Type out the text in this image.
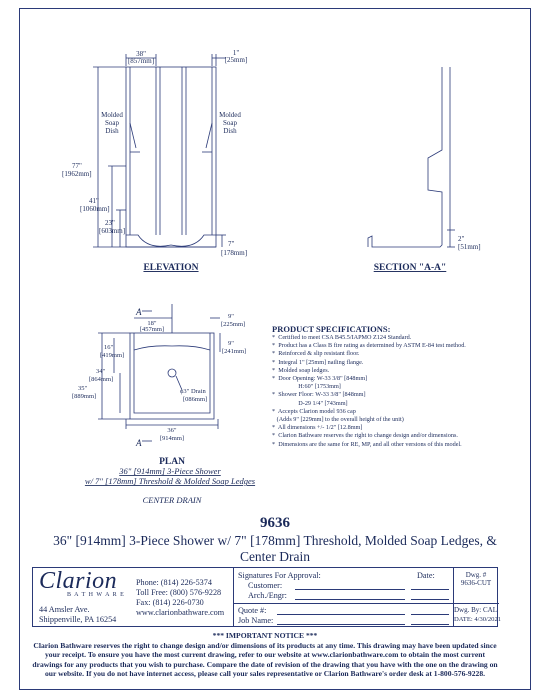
38"
[857mm]
1"
[25mm]
Molded
Soap
Dish
Molded
Soap
Dish
77"
[1962mm]
41"
[1060mm]
23"
[603mm]
7"
[178mm]
2"
[51mm]
ELEVATION	SECTION "A-A"
A
A
18"
[457mm]
9"
[225mm]
16"
[419mm]
9"
[241mm]
34"
[864mm]
35"
[889mm]
ϕ3" Drain
[086mm]
36"
[914mm]
PLAN
36" [914mm] 3-Piece Shower
w/ 7" [178mm] Threshold & Molded Soap Ledges
CENTER DRAIN
PRODUCT SPECIFICATIONS:
*  Certified to meet CSA B45.5/IAPMO Z124 Standard.
*  Product has a Class B fire rating as determined by ASTM E-84 test method.
*  Reinforced & slip resistant floor.
*  Integral 1" [25mm] nailing flange.
*  Molded soap ledges.
*  Door Opening: W-33 3/8" [848mm]
H:60" [1753mm]
*  Shower Floor: W-33 3/8" [848mm]
D-29 1/4" [743mm]
*  Accepts Clarion model 936 cap
(Adds 9" [229mm] to the overall height of the unit)
*  All dimensions +/- 1/2" [12.8mm]
*  Clarion Bathware reserves the right to change design and/or dimensions.
*  Dimensions are the same for RE, MP, and all other versions of this model.
9636
36" [914mm] 3-Piece Shower w/ 7" [178mm] Threshold, Molded Soap Ledges, & Center Drain
Clarion
B A T H W A R E
44 Amsler Ave.
Shippenville, PA 16254
Phone: (814) 226-5374
Toll Free: (800) 576-9228
Fax: (814) 226-0730
www.clarionbathware.com
Signatures For Approval:	Date:
Customer:
Arch./Engr:
Quote #:
Job Name:
Dwg. #
9636-CUT
Dwg. By: CAL
DATE: 4/30/2021
*** IMPORTANT NOTICE ***
Clarion Bathware reserves the right to change design and/or dimensions of its products at any time. This drawing may have been updated since your receipt. To ensure you have the most current drawing, refer to our website at www.clarionbathware.com to obtain the most current drawings for any products that you wish to purchase. Compare the date of revision of the drawing that you have with the one on the drawing on our website. If you do not have internet access, please call your sales representative or Clarion Bathware's order desk at 1-800-576-9228.
